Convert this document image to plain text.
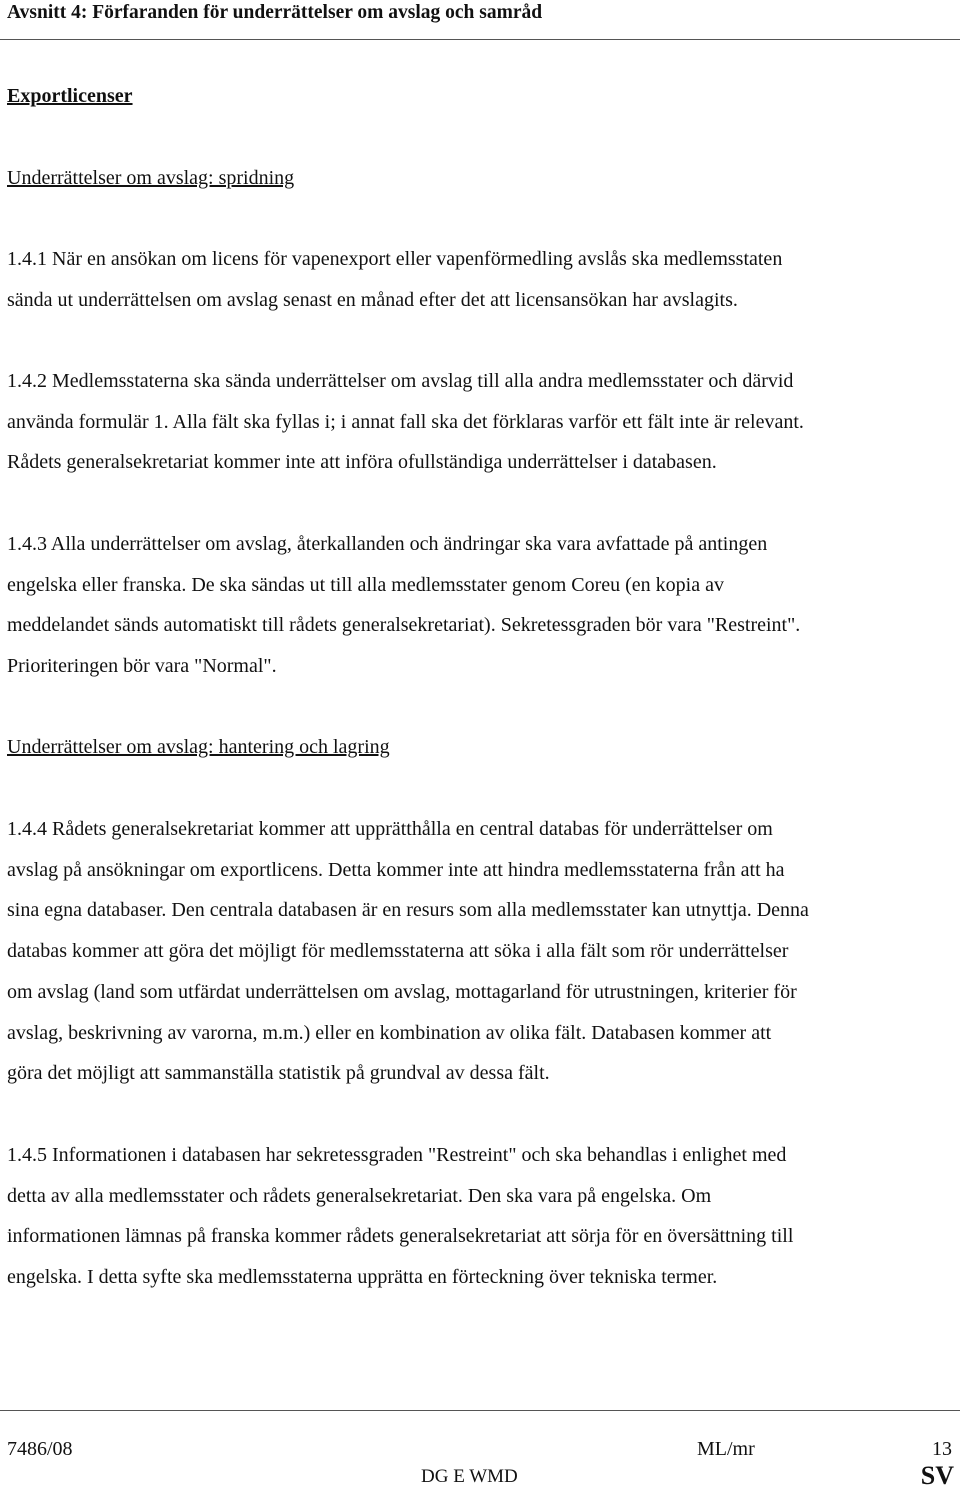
Avsnitt 4: Förfaranden för underrättelser om avslag och samråd
Exportlicenser
Underrättelser om avslag: spridning
1.4.1 När en ansökan om licens för vapenexport eller vapenförmedling avslås ska medlemsstaten
sända ut underrättelsen om avslag senast en månad efter det att licensansökan har avslagits.
1.4.2 Medlemsstaterna ska sända underrättelser om avslag till alla andra medlemsstater och därvid
använda formulär 1. Alla fält ska fyllas i; i annat fall ska det förklaras varför ett fält inte är relevant.
Rådets generalsekretariat kommer inte att införa ofullständiga underrättelser i databasen.
1.4.3 Alla underrättelser om avslag, återkallanden och ändringar ska vara avfattade på antingen
engelska eller franska. De ska sändas ut till alla medlemsstater genom Coreu (en kopia av
meddelandet sänds automatiskt till rådets generalsekretariat). Sekretessgraden bör vara "Restreint".
Prioriteringen bör vara "Normal".
Underrättelser om avslag: hantering och lagring
1.4.4 Rådets generalsekretariat kommer att upprätthålla en central databas för underrättelser om
avslag på ansökningar om exportlicens. Detta kommer inte att hindra medlemsstaterna från att ha
sina egna databaser. Den centrala databasen är en resurs som alla medlemsstater kan utnyttja. Denna
databas kommer att göra det möjligt för medlemsstaterna att söka i alla fält som rör underrättelser
om avslag (land som utfärdat underrättelsen om avslag, mottagarland för utrustningen, kriterier för
avslag, beskrivning av varorna, m.m.) eller en kombination av olika fält. Databasen kommer att
göra det möjligt att sammanställa statistik på grundval av dessa fält.
1.4.5 Informationen i databasen har sekretessgraden "Restreint" och ska behandlas i enlighet med
detta av alla medlemsstater och rådets generalsekretariat. Den ska vara på engelska. Om
informationen lämnas på franska kommer rådets generalsekretariat att sörja för en översättning till
engelska. I detta syfte ska medlemsstaterna upprätta en förteckning över tekniska termer.
7486/08	ML/mr	13
DG E WMD	SV
